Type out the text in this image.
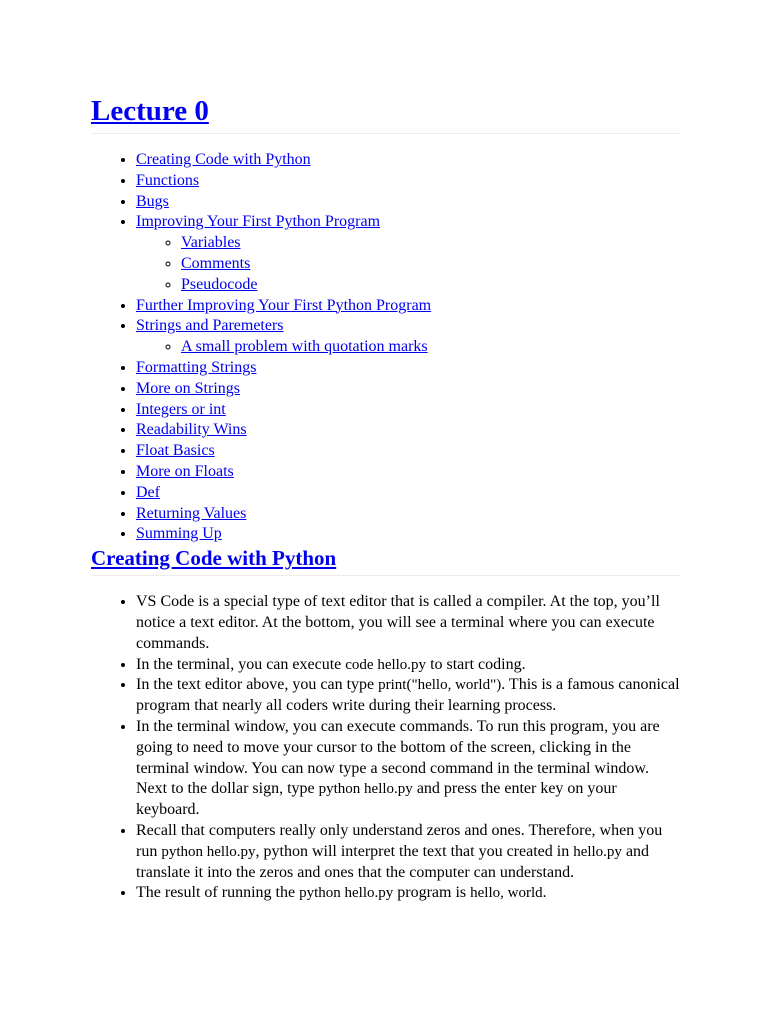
Lecture 0
• Creating Code with Python
• Functions
• Bugs
• Improving Your First Python Program
◦ Variables
◦ Comments
◦ Pseudocode
• Further Improving Your First Python Program
• Strings and Paremeters
◦ A small problem with quotation marks
• Formatting Strings
• More on Strings
• Integers or int
• Readability Wins
• Float Basics
• More on Floats
• Def
• Returning Values
• Summing Up
Creating Code with Python
• VS Code is a special type of text editor that is called a compiler. At the top, you’ll notice a text editor. At the bottom, you will see a terminal where you can execute commands.
• In the terminal, you can execute code hello.py to start coding.
• In the text editor above, you can type print("hello, world"). This is a famous canonical program that nearly all coders write during their learning process.
• In the terminal window, you can execute commands. To run this program, you are going to need to move your cursor to the bottom of the screen, clicking in the terminal window. You can now type a second command in the terminal window. Next to the dollar sign, type python hello.py and press the enter key on your keyboard.
• Recall that computers really only understand zeros and ones. Therefore, when you run python hello.py, python will interpret the text that you created in hello.py and translate it into the zeros and ones that the computer can understand.
• The result of running the python hello.py program is hello, world.
